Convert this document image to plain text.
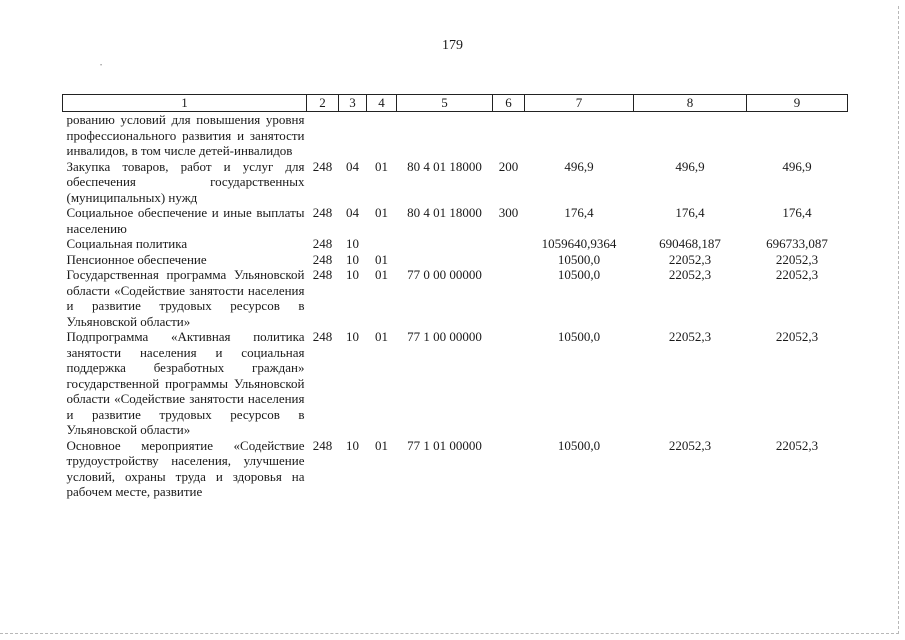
179
•
1	2	3	4	5	6	7	8	9
рованию условий для повышения уровня профессионального развития и занятости инвалидов, в том числе детей-инвалидов								
Закупка товаров, работ и услуг для обеспечения государственных (муниципальных) нужд	248	04	01	80 4 01 18000	200	496,9	496,9	496,9
Социальное обеспечение и иные выплаты населению	248	04	01	80 4 01 18000	300	176,4	176,4	176,4
Социальная политика	248	10				1059640,9364	690468,187	696733,087
Пенсионное обеспечение	248	10	01			10500,0	22052,3	22052,3
Государственная программа Ульяновской области «Содействие занятости населения и развитие трудовых ресурсов в Ульяновской области»	248	10	01	77 0 00 00000		10500,0	22052,3	22052,3
Подпрограмма «Активная политика занятости населения и социальная поддержка безработных граждан» государственной программы Ульяновской области «Содействие занятости населения и развитие трудовых ресурсов в Ульяновской области»	248	10	01	77 1 00 00000		10500,0	22052,3	22052,3
Основное мероприятие «Содействие трудоустройству населения, улучшение условий, охраны труда и здоровья на рабочем месте, развитие	248	10	01	77 1 01 00000		10500,0	22052,3	22052,3
